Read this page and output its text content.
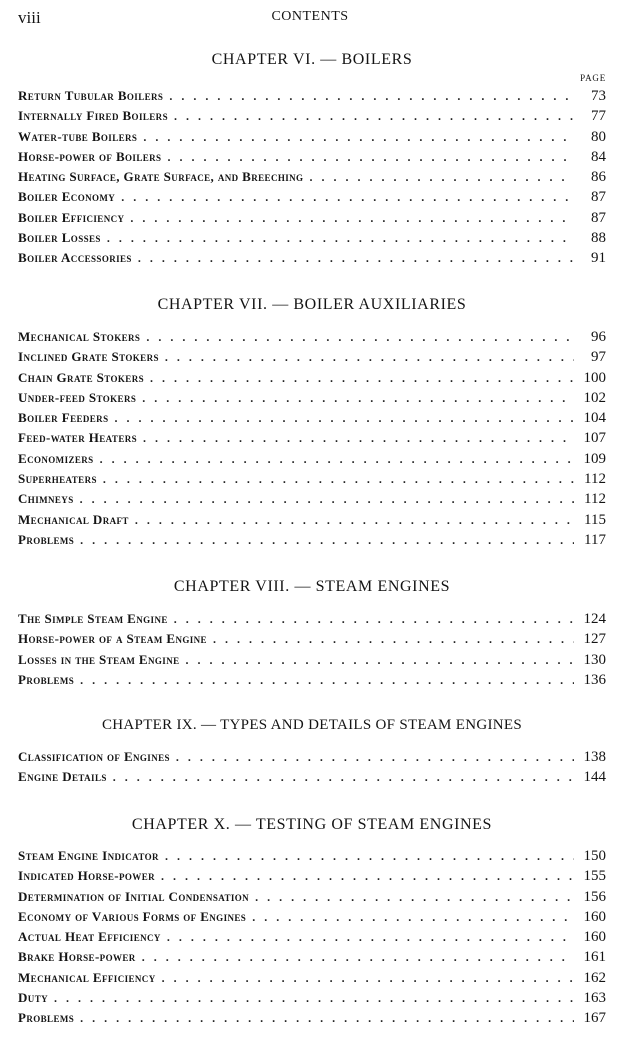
viii	CONTENTS
CHAPTER VI. — BOILERS
PAGE
Return Tubular Boilers .....	73
Internally Fired Boilers .....	77
Water-tube Boilers .....	80
Horse-power of Boilers .....	84
Heating Surface, Grate Surface, and Breeching .....	86
Boiler Economy .....	87
Boiler Efficiency .....	87
Boiler Losses .....	88
Boiler Accessories .....	91
CHAPTER VII. — BOILER AUXILIARIES
Mechanical Stokers .....	96
Inclined Grate Stokers .....	97
Chain Grate Stokers .....	100
Under-feed Stokers .....	102
Boiler Feeders .....	104
Feed-water Heaters .....	107
Economizers .....	109
Superheaters .....	112
Chimneys .....	112
Mechanical Draft .....	115
Problems .....	117
CHAPTER VIII. — STEAM ENGINES
The Simple Steam Engine .....	124
Horse-power of a Steam Engine .....	127
Losses in the Steam Engine .....	130
Problems .....	136
CHAPTER IX. — TYPES AND DETAILS OF STEAM ENGINES
Classification of Engines .....	138
Engine Details .....	144
CHAPTER X. — TESTING OF STEAM ENGINES
Steam Engine Indicator .....	150
Indicated Horse-power .....	155
Determination of Initial Condensation .....	156
Economy of Various Forms of Engines .....	160
Actual Heat Efficiency .....	160
Brake Horse-power .....	161
Mechanical Efficiency .....	162
Duty .....	163
Problems .....	167
